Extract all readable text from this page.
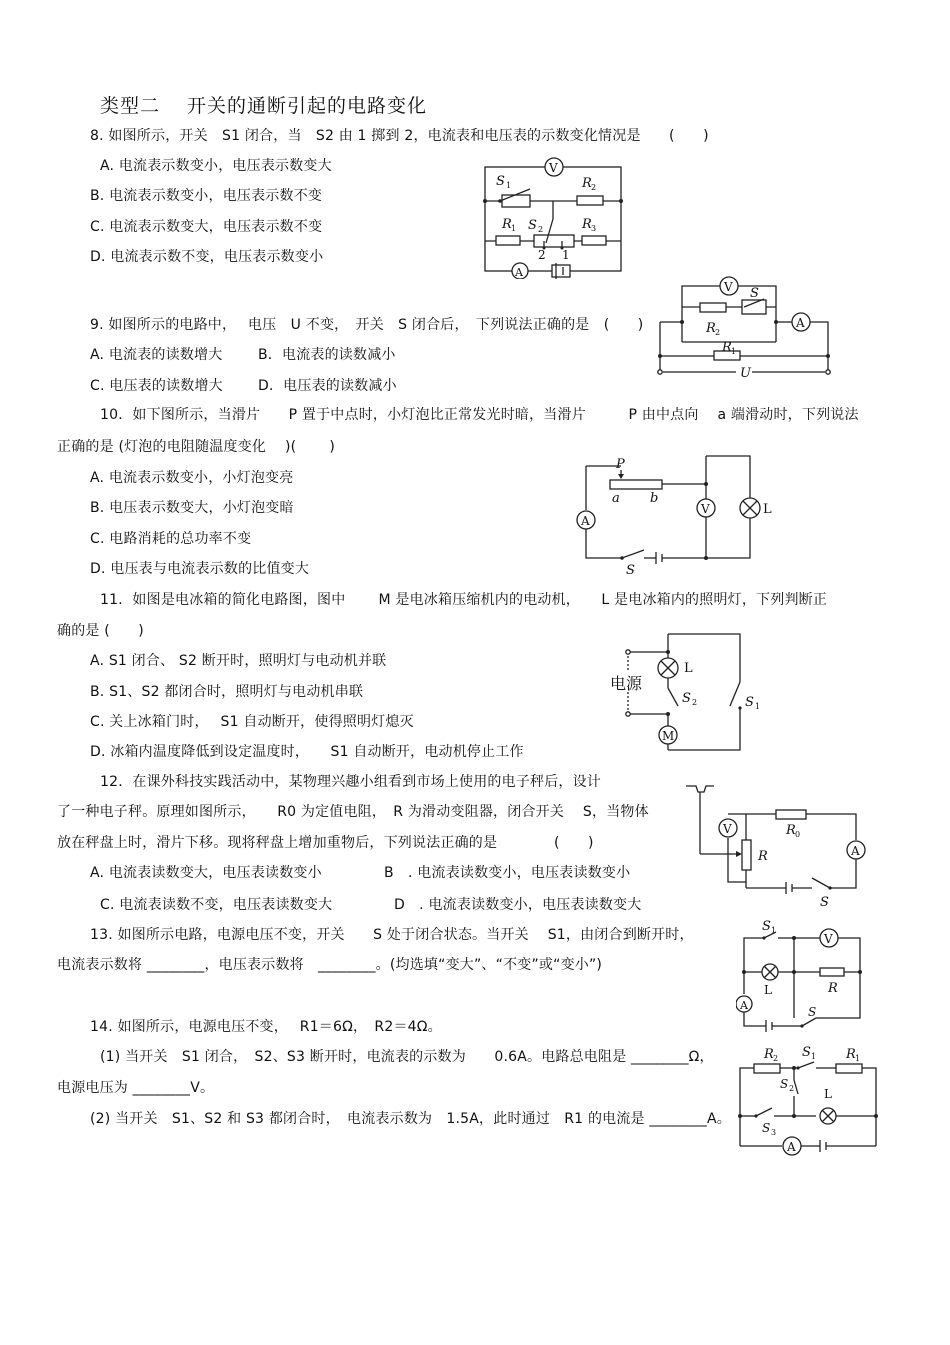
类型二　 开关的通断引起的电路变化
8. 如图所示，开关　S1 闭合，当　S2 由 1 掷到 2，电流表和电压表的示数变化情况是　　(　　)
A. 电流表示数变小，电压表示数变大
B. 电流表示数变小，电压表示数不变
C. 电流表示数变大，电压表示数不变
D. 电流表示数不变，电压表示数变小
V
S 1	R 2
R 1 S 2
2 1
R 3
A
9. 如图所示的电路中，　 电压　U 不变，　开关　S 闭合后，　下列说法正确的是　(　　)
A. 电流表的读数增大	B．电流表的读数减小
C. 电压表的读数增大	D．电压表的读数减小
V S
R 2
A
R 1
U
10．如下图所示，当滑片　　P 置于中点时，小灯泡比正常发光时暗，当滑片　　　P 由中点向　 a 端滑动时，下列说法
正确的是 (灯泡的电阻随温度变化　 )(　　 )
A. 电流表示数变小，小灯泡变亮
B. 电压表示数变大，小灯泡变暗
C. 电路消耗的总功率不变
D. 电压表与电流表示数的比值变大
P
a b
A
S
V	L
11．如图是电冰箱的简化电路图，图中　　 M 是电冰箱压缩机内的电动机，　　L 是电冰箱内的照明灯，下列判断正
确的是 (　　)
A. S1 闭合、 S2 断开时，照明灯与电动机并联
B. S1、S2 都闭合时，照明灯与电动机串联
C. 关上冰箱门时，　 S1 自动断开，使得照明灯熄灭
D. 冰箱内温度降低到设定温度时，　　S1 自动断开，电动机停止工作
S 1
L
S 2
M
电源
12．在课外科技实践活动中，某物理兴趣小组看到市场上使用的电子秤后，设计
了一种电子秤。原理如图所示，　　R0 为定值电阻，　R 为滑动变阻器，闭合开关　 S，当物体
放在秤盘上时，滑片下移。现将秤盘上增加重物后，下列说法正确的是　　　　(　　)
A. 电流表读数变大，电压表读数变小	B　. 电流表读数变小，电压表读数变小
C. 电流表读数不变，电压表读数变大	D　. 电流表读数变小，电压表读数变大
R
V	R 0
A
S
13. 如图所示电路，电源电压不变，开关　　S 处于闭合状态。当开关　 S1，由闭合到断开时，
电流表示数将 ________，电压表示数将　________。(均选填“变大”、“不变”或“变小”)
S 1
V
L	R
A	S
14. 如图所示，电源电压不变，　 R1＝6Ω，　R2＝4Ω。
(1) 当开关　S1 闭合，　S2、S3 断开时，电流表的示数为　　0.6A。电路总电阻是 ________Ω，
电源电压为 ________V。
(2) 当开关　S1、S2 和 S3 都闭合时，　电流表示数为　1.5A，此时通过　R1 的电流是 ________A。
R 2 S 1 R 1
S 2
S 3
L
A
